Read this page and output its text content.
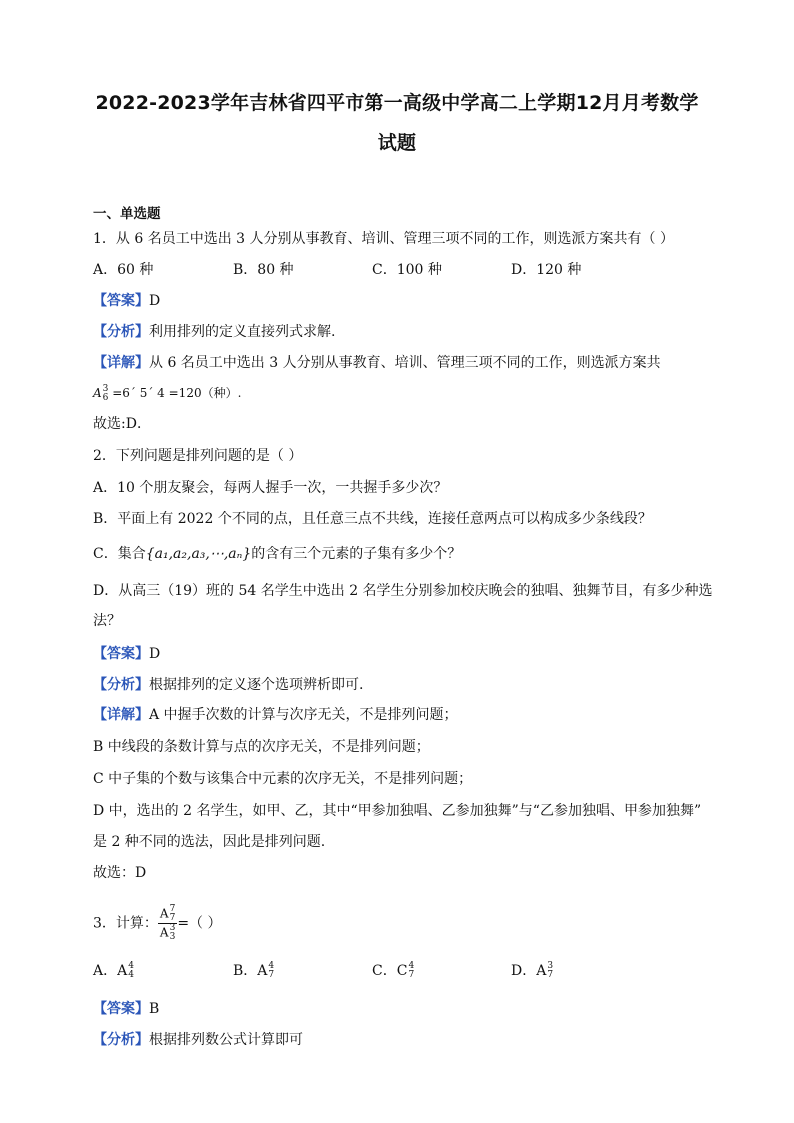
2022-2023学年吉林省四平市第一高级中学高二上学期12月月考数学
试题
一、单选题
1．从 6 名员工中选出 3 人分别从事教育、培训、管理三项不同的工作，则选派方案共有（ ）
A．60 种	B．80 种	C．100 种	D．120 种
【答案】D
【分析】利用排列的定义直接列式求解.
【详解】从 6 名员工中选出 3 人分别从事教育、培训、管理三项不同的工作，则选派方案共
A 3
6 =6´ 5´ 4 =120（种）.
故选:D．
2．下列问题是排列问题的是（ ）
A．10 个朋友聚会，每两人握手一次，一共握手多少次？
B．平面上有 2022 个不同的点，且任意三点不共线，连接任意两点可以构成多少条线段？
C．集合{a₁,a₂,a₃,⋯,aₙ}的含有三个元素的子集有多少个？
D．从高三（19）班的 54 名学生中选出 2 名学生分别参加校庆晚会的独唱、独舞节目，有多少种选
法？
【答案】D
【分析】根据排列的定义逐个选项辨析即可.
【详解】A 中握手次数的计算与次序无关，不是排列问题；
B 中线段的条数计算与点的次序无关，不是排列问题；
C 中子集的个数与该集合中元素的次序无关，不是排列问题；
D 中，选出的 2 名学生，如甲、乙，其中“甲参加独唱、乙参加独舞”与“乙参加独唱、甲参加独舞”
是 2 种不同的选法，因此是排列问题.
故选：D
3．计算： A 7
7
A 3
3 =（ ）
A．A 4
4	B．A 4
7	C．C 4
7	D．A 3
7
【答案】B
【分析】根据排列数公式计算即可
